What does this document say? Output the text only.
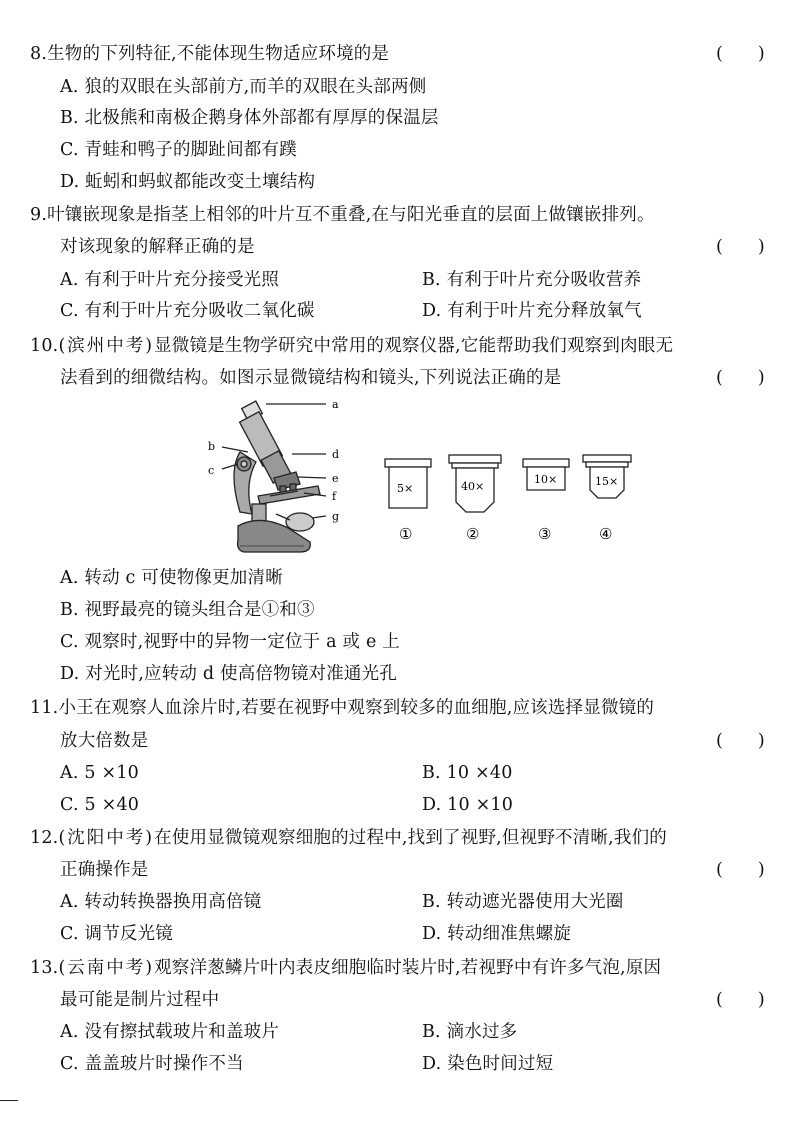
8.生物的下列特征,不能体现生物适应环境的是	(　　)
A. 狼的双眼在头部前方,而羊的双眼在头部两侧
B. 北极熊和南极企鹅身体外部都有厚厚的保温层
C. 青蛙和鸭子的脚趾间都有蹼
D. 蚯蚓和蚂蚁都能改变土壤结构
9.叶镶嵌现象是指茎上相邻的叶片互不重叠,在与阳光垂直的层面上做镶嵌排列。
对该现象的解释正确的是	(　　)
A. 有利于叶片充分接受光照	B. 有利于叶片充分吸收营养
C. 有利于叶片充分吸收二氧化碳	D. 有利于叶片充分释放氧气
10.(滨州中考)显微镜是生物学研究中常用的观察仪器,它能帮助我们观察到肉眼无
法看到的细微结构。如图示显微镜结构和镜头,下列说法正确的是	(　　)
a
b
c
d
e
f
g
5×
①
40×
②
10×
③
15×
④
A. 转动 c 可使物像更加清晰
B. 视野最亮的镜头组合是①和③
C. 观察时,视野中的异物一定位于 a 或 e 上
D. 对光时,应转动 d 使高倍物镜对准通光孔
11.小王在观察人血涂片时,若要在视野中观察到较多的血细胞,应该选择显微镜的
放大倍数是	(　　)
A. 5 ×10	B. 10 ×40
C. 5 ×40	D. 10 ×10
12.(沈阳中考)在使用显微镜观察细胞的过程中,找到了视野,但视野不清晰,我们的
正确操作是	(　　)
A. 转动转换器换用高倍镜	B. 转动遮光器使用大光圈
C. 调节反光镜	D. 转动细准焦螺旋
13.(云南中考)观察洋葱鳞片叶内表皮细胞临时装片时,若视野中有许多气泡,原因
最可能是制片过程中	(　　)
A. 没有擦拭载玻片和盖玻片	B. 滴水过多
C. 盖盖玻片时操作不当	D. 染色时间过短
